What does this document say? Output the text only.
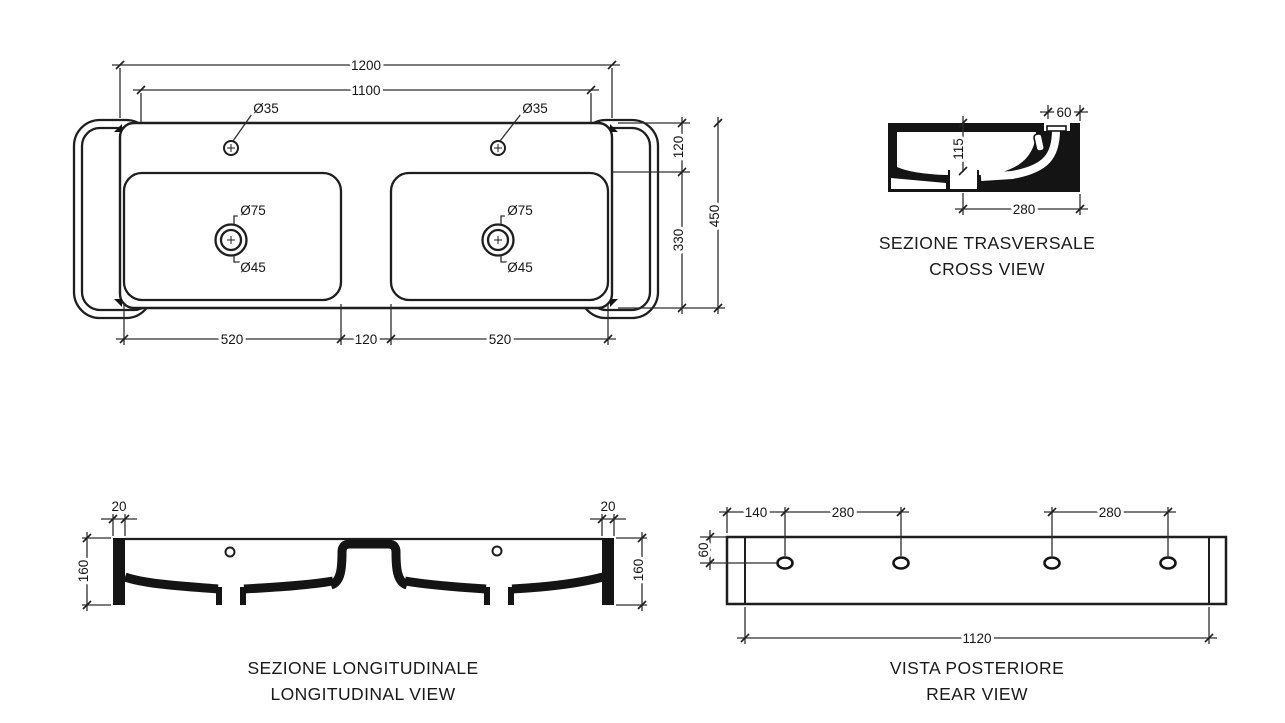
1200
1100
Ø35	Ø35
Ø75
Ø45
Ø75
Ø45
120
330
450
520	120	520
60
115
280
SEZIONE TRASVERSALE
CROSS VIEW
20	20
160	160
SEZIONE LONGITUDINALE
LONGITUDINAL VIEW
140	280	280
60
1120
VISTA POSTERIORE
REAR VIEW
